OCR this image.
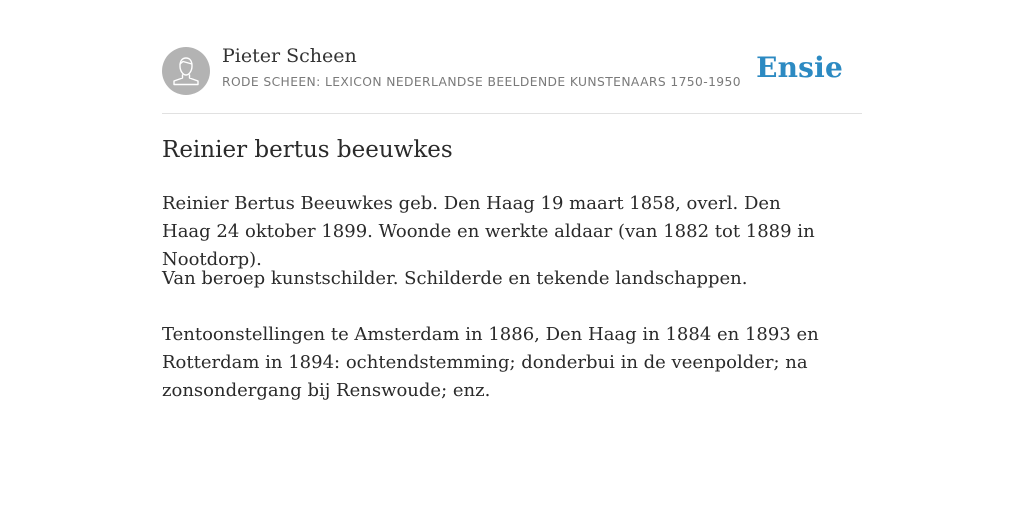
Pieter Scheen
RODE SCHEEN: LEXICON NEDERLANDSE BEELDENDE KUNSTENAARS 1750-1950 Ensie
Reinier bertus beeuwkes
Reinier Bertus Beeuwkes geb. Den Haag 19 maart 1858, overl. Den Haag 24 oktober 1899. Woonde en werkte aldaar (van 1882 tot 1889 in Nootdorp).
Van beroep kunstschilder. Schilderde en tekende landschappen.
Tentoonstellingen te Amsterdam in 1886, Den Haag in 1884 en 1893 en Rotterdam in 1894: ochtendstemming; donderbui in de veenpolder; na zonsondergang bij Renswoude; enz.
